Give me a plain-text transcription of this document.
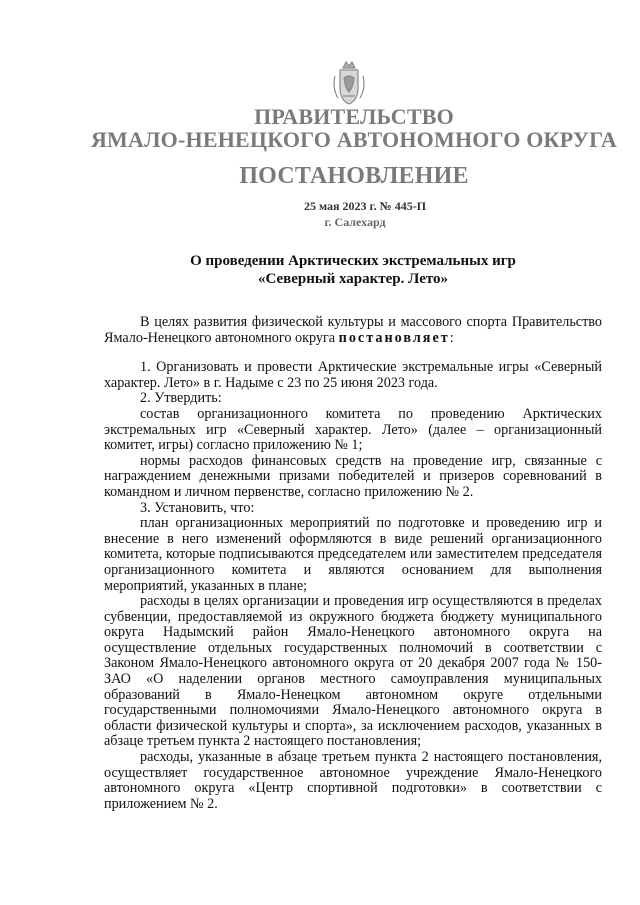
ПРАВИТЕЛЬСТВО
ЯМАЛО-НЕНЕЦКОГО АВТОНОМНОГО ОКРУГА
ПОСТАНОВЛЕНИЕ
25 мая 2023 г. № 445-П
г. Салехард
О проведении Арктических экстремальных игр
«Северный характер. Лето»

В целях развития физической культуры и массового спорта Правительство Ямало-Ненецкого автономного округа постановляет:

1. Организовать и провести Арктические экстремальные игры «Северный характер. Лето» в г. Надыме с 23 по 25 июня 2023 года.

2. Утвердить:

состав организационного комитета по проведению Арктических экстремальных игр «Северный характер. Лето» (далее – организационный комитет, игры) согласно приложению № 1;

нормы расходов финансовых средств на проведение игр, связанные с награждением денежными призами победителей и призеров соревнований в командном и личном первенстве, согласно приложению № 2.

3. Установить, что:

план организационных мероприятий по подготовке и проведению игр и внесение в него изменений оформляются в виде решений организационного комитета, которые подписываются председателем или заместителем председателя организационного комитета и являются основанием для выполнения мероприятий, указанных в плане;

расходы в целях организации и проведения игр осуществляются в пределах субвенции, предоставляемой из окружного бюджета бюджету муниципального округа Надымский район Ямало-Ненецкого автономного округа на осуществление отдельных государственных полномочий в соответствии с Законом Ямало-Ненецкого автономного округа от 20 декабря 2007 года № 150-ЗАО «О наделении органов местного самоуправления муниципальных образований в Ямало-Ненецком автономном округе отдельными государственными полномочиями Ямало-Ненецкого автономного округа в области физической культуры и спорта», за исключением расходов, указанных в абзаце третьем пункта 2 настоящего постановления;

расходы, указанные в абзаце третьем пункта 2 настоящего постановления, осуществляет государственное автономное учреждение Ямало-Ненецкого автономного округа «Центр спортивной подготовки» в соответствии с приложением № 2.
